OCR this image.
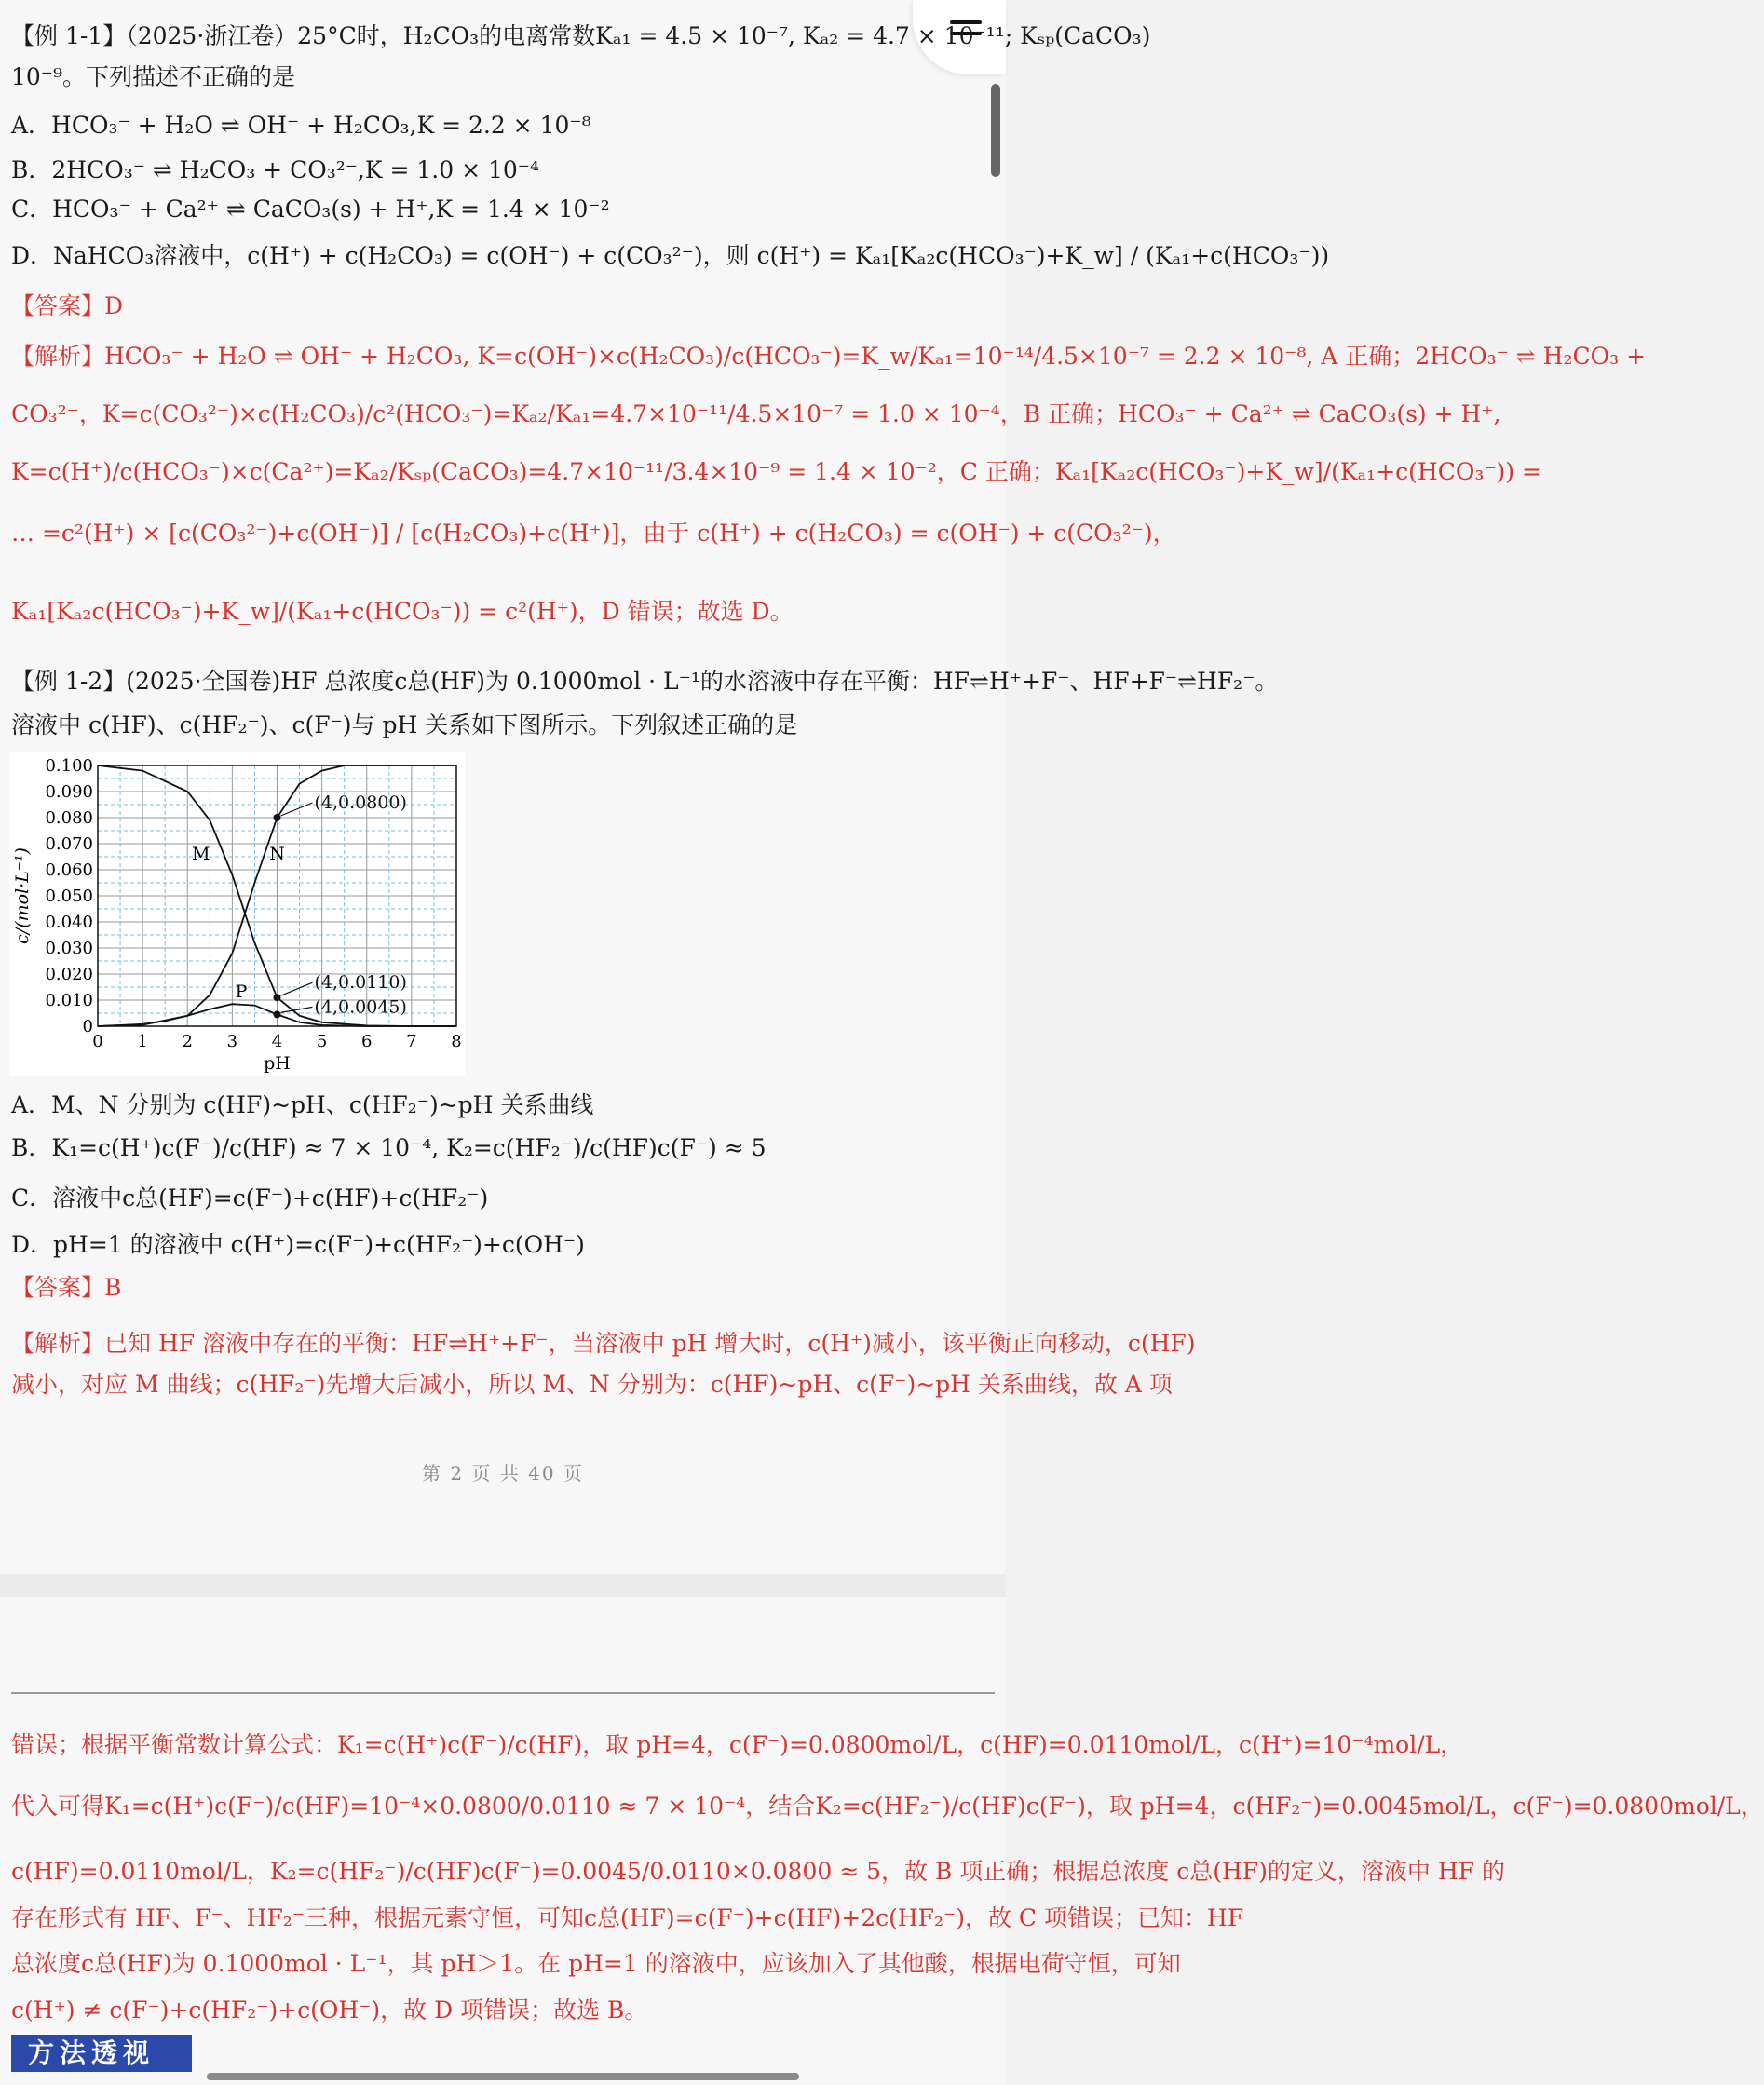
0 1 2 3 4 5 6 7 8
0
0.010
0.020
0.030
0.040
0.050
0.060
0.070
0.080
0.090
0.100
pH
c/(mol·L⁻¹)	M	N
P
(4,0.0800)
(4,0.0110)
(4,0.0045)
第 2 页 共 40 页
方法透视
【例 1-1】（2025·浙江卷）25°C时，H₂CO₃的电离常数Kₐ₁ = 4.5 × 10⁻⁷, Kₐ₂ = 4.7 × 10⁻¹¹; Kₛₚ(CaCO₃)
10⁻⁹。下列描述不正确的是
A．HCO₃⁻ + H₂O ⇌ OH⁻ + H₂CO₃,K = 2.2 × 10⁻⁸
B．2HCO₃⁻ ⇌ H₂CO₃ + CO₃²⁻,K = 1.0 × 10⁻⁴
C．HCO₃⁻ + Ca²⁺ ⇌ CaCO₃(s) + H⁺,K = 1.4 × 10⁻²
D．NaHCO₃溶液中，c(H⁺) + c(H₂CO₃) = c(OH⁻) + c(CO₃²⁻)，则 c(H⁺) = Kₐ₁[Kₐ₂c(HCO₃⁻)+K_w] / (Kₐ₁+c(HCO₃⁻))
【答案】D
【解析】HCO₃⁻ + H₂O ⇌ OH⁻ + H₂CO₃, K=c(OH⁻)×c(H₂CO₃)/c(HCO₃⁻)=K_w/Kₐ₁=10⁻¹⁴/4.5×10⁻⁷ = 2.2 × 10⁻⁸, A 正确；2HCO₃⁻ ⇌ H₂CO₃ +
CO₃²⁻，K=c(CO₃²⁻)×c(H₂CO₃)/c²(HCO₃⁻)=Kₐ₂/Kₐ₁=4.7×10⁻¹¹/4.5×10⁻⁷ = 1.0 × 10⁻⁴，B 正确；HCO₃⁻ + Ca²⁺ ⇌ CaCO₃(s) + H⁺,
K=c(H⁺)/c(HCO₃⁻)×c(Ca²⁺)=Kₐ₂/Kₛₚ(CaCO₃)=4.7×10⁻¹¹/3.4×10⁻⁹ = 1.4 × 10⁻²，C 正确；Kₐ₁[Kₐ₂c(HCO₃⁻)+K_w]/(Kₐ₁+c(HCO₃⁻)) =
… =c²(H⁺) × [c(CO₃²⁻)+c(OH⁻)] / [c(H₂CO₃)+c(H⁺)]，由于 c(H⁺) + c(H₂CO₃) = c(OH⁻) + c(CO₃²⁻)，
Kₐ₁[Kₐ₂c(HCO₃⁻)+K_w]/(Kₐ₁+c(HCO₃⁻)) = c²(H⁺)，D 错误；故选 D。
【例 1-2】(2025·全国卷)HF 总浓度c总(HF)为 0.1000mol · L⁻¹的水溶液中存在平衡：HF⇌H⁺+F⁻、HF+F⁻⇌HF₂⁻。
溶液中 c(HF)、c(HF₂⁻)、c(F⁻)与 pH 关系如下图所示。下列叙述正确的是
A．M、N 分别为 c(HF)~pH、c(HF₂⁻)~pH 关系曲线
B．K₁=c(H⁺)c(F⁻)/c(HF) ≈ 7 × 10⁻⁴, K₂=c(HF₂⁻)/c(HF)c(F⁻) ≈ 5
C．溶液中c总(HF)=c(F⁻)+c(HF)+c(HF₂⁻)
D．pH=1 的溶液中 c(H⁺)=c(F⁻)+c(HF₂⁻)+c(OH⁻)
【答案】B
【解析】已知 HF 溶液中存在的平衡：HF⇌H⁺+F⁻，当溶液中 pH 增大时，c(H⁺)减小，该平衡正向移动，c(HF)
减小，对应 M 曲线；c(HF₂⁻)先增大后减小，所以 M、N 分别为：c(HF)~pH、c(F⁻)~pH 关系曲线，故 A 项
错误；根据平衡常数计算公式：K₁=c(H⁺)c(F⁻)/c(HF)，取 pH=4，c(F⁻)=0.0800mol/L，c(HF)=0.0110mol/L，c(H⁺)=10⁻⁴mol/L，
代入可得K₁=c(H⁺)c(F⁻)/c(HF)=10⁻⁴×0.0800/0.0110 ≈ 7 × 10⁻⁴，结合K₂=c(HF₂⁻)/c(HF)c(F⁻)，取 pH=4，c(HF₂⁻)=0.0045mol/L，c(F⁻)=0.0800mol/L，
c(HF)=0.0110mol/L，K₂=c(HF₂⁻)/c(HF)c(F⁻)=0.0045/0.0110×0.0800 ≈ 5，故 B 项正确；根据总浓度 c总(HF)的定义，溶液中 HF 的
存在形式有 HF、F⁻、HF₂⁻三种，根据元素守恒，可知c总(HF)=c(F⁻)+c(HF)+2c(HF₂⁻)，故 C 项错误；已知：HF
总浓度c总(HF)为 0.1000mol · L⁻¹，其 pH＞1。在 pH=1 的溶液中，应该加入了其他酸，根据电荷守恒，可知
c(H⁺) ≠ c(F⁻)+c(HF₂⁻)+c(OH⁻)，故 D 项错误；故选 B。
